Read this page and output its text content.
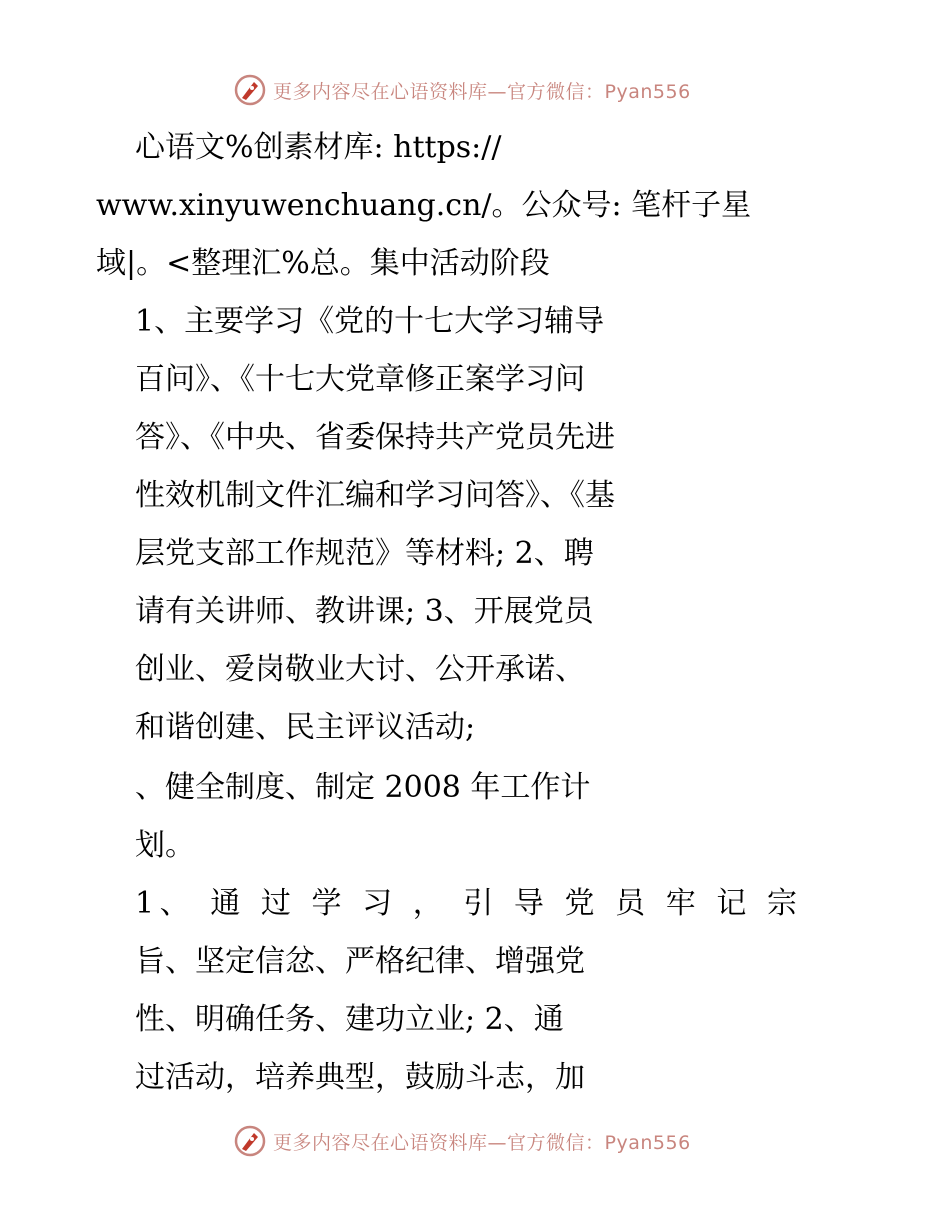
更多内容尽在心语资料库—官方微信：Pyan556
心语文%创素材库: https://
www.xinyuwenchuang.cn/。公众号: 笔杆子星
域|。<整理汇%总。集中活动阶段
1、主要学习《党的十七大学习辅导
百问》、《十七大党章修正案学习问
答》、《中央、省委保持共产党员先进
性效机制文件汇编和学习问答》、《基
层党支部工作规范》等材料; 2、聘
请有关讲师、教讲课; 3、开展党员
创业、爱岗敬业大讨、公开承诺、
和谐创建、民主评议活动;
、健全制度、制定 2008 年工作计
划。
1、 通 过 学 习 ， 引 导 党 员 牢 记 宗
旨、坚定信忿、严格纪律、增强党
性、明确任务、建功立业; 2、通
过活动，培养典型，鼓励斗志，加
更多内容尽在心语资料库—官方微信：Pyan556
